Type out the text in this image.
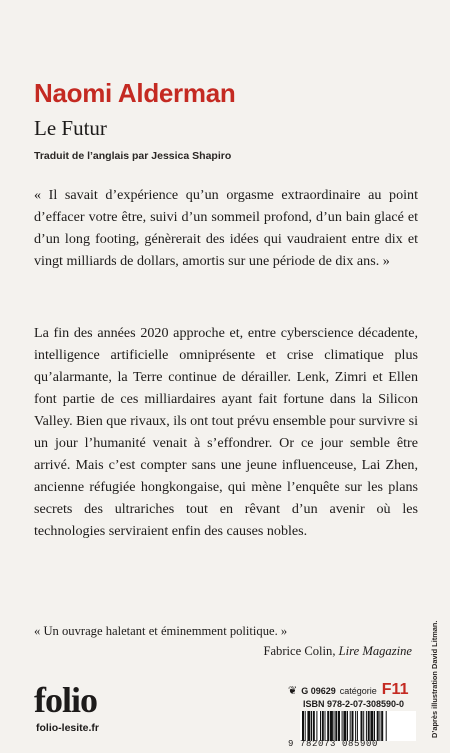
Naomi Alderman
Le Futur
Traduit de l’anglais par Jessica Shapiro

« Il savait d’expérience qu’un orgasme extraordinaire au point d’effacer votre être, suivi d’un sommeil profond, d’un bain glacé et d’un long footing, génèrerait des idées qui vaudraient entre dix et vingt milliards de dollars, amortis sur une période de dix ans. »

La fin des années 2020 approche et, entre cyberscience décadente, intelligence artificielle omniprésente et crise climatique plus qu’alarmante, la Terre continue de dérailler. Lenk, Zimri et Ellen font partie de ces milliardaires ayant fait fortune dans la Silicon Valley. Bien que rivaux, ils ont tout prévu ensemble pour survivre si un jour l’humanité venait à s’effondrer. Or ce jour semble être arrivé. Mais c’est compter sans une jeune influenceuse, Lai Zhen, ancienne réfugiée hongkongaise, qui mène l’enquête sur les plans secrets des ultrariches tout en rêvant d’un avenir où les technologies serviraient enfin des causes nobles.

« Un ouvrage haletant et éminemment politique. »

Fabrice Colin, Lire Magazine

folio
folio-lesite.fr
❦ G 09629 catégorie F11
ISBN 978-2-07-308590-0
9 782073 085900
D’après illustration David Litman.
